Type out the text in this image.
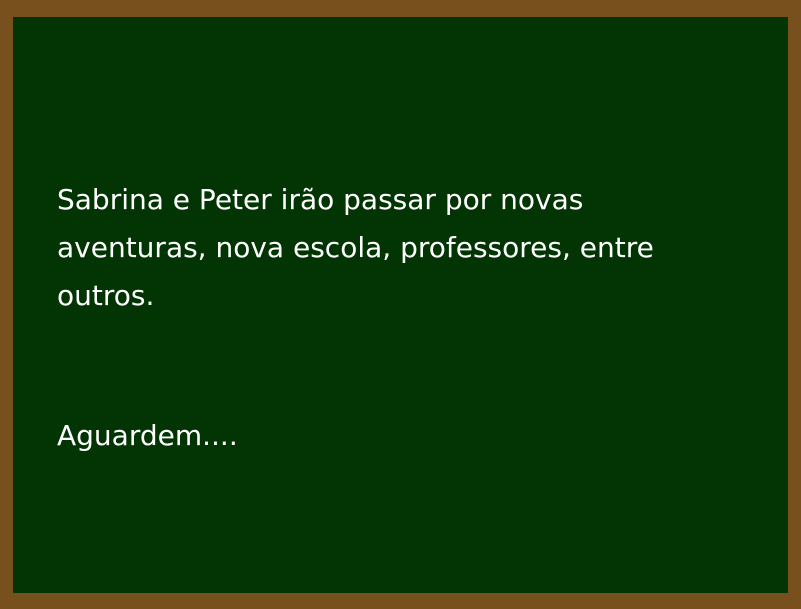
Sabrina e Peter irão passar por novas
aventuras, nova escola, professores, entre
outros.
Aguardem....
